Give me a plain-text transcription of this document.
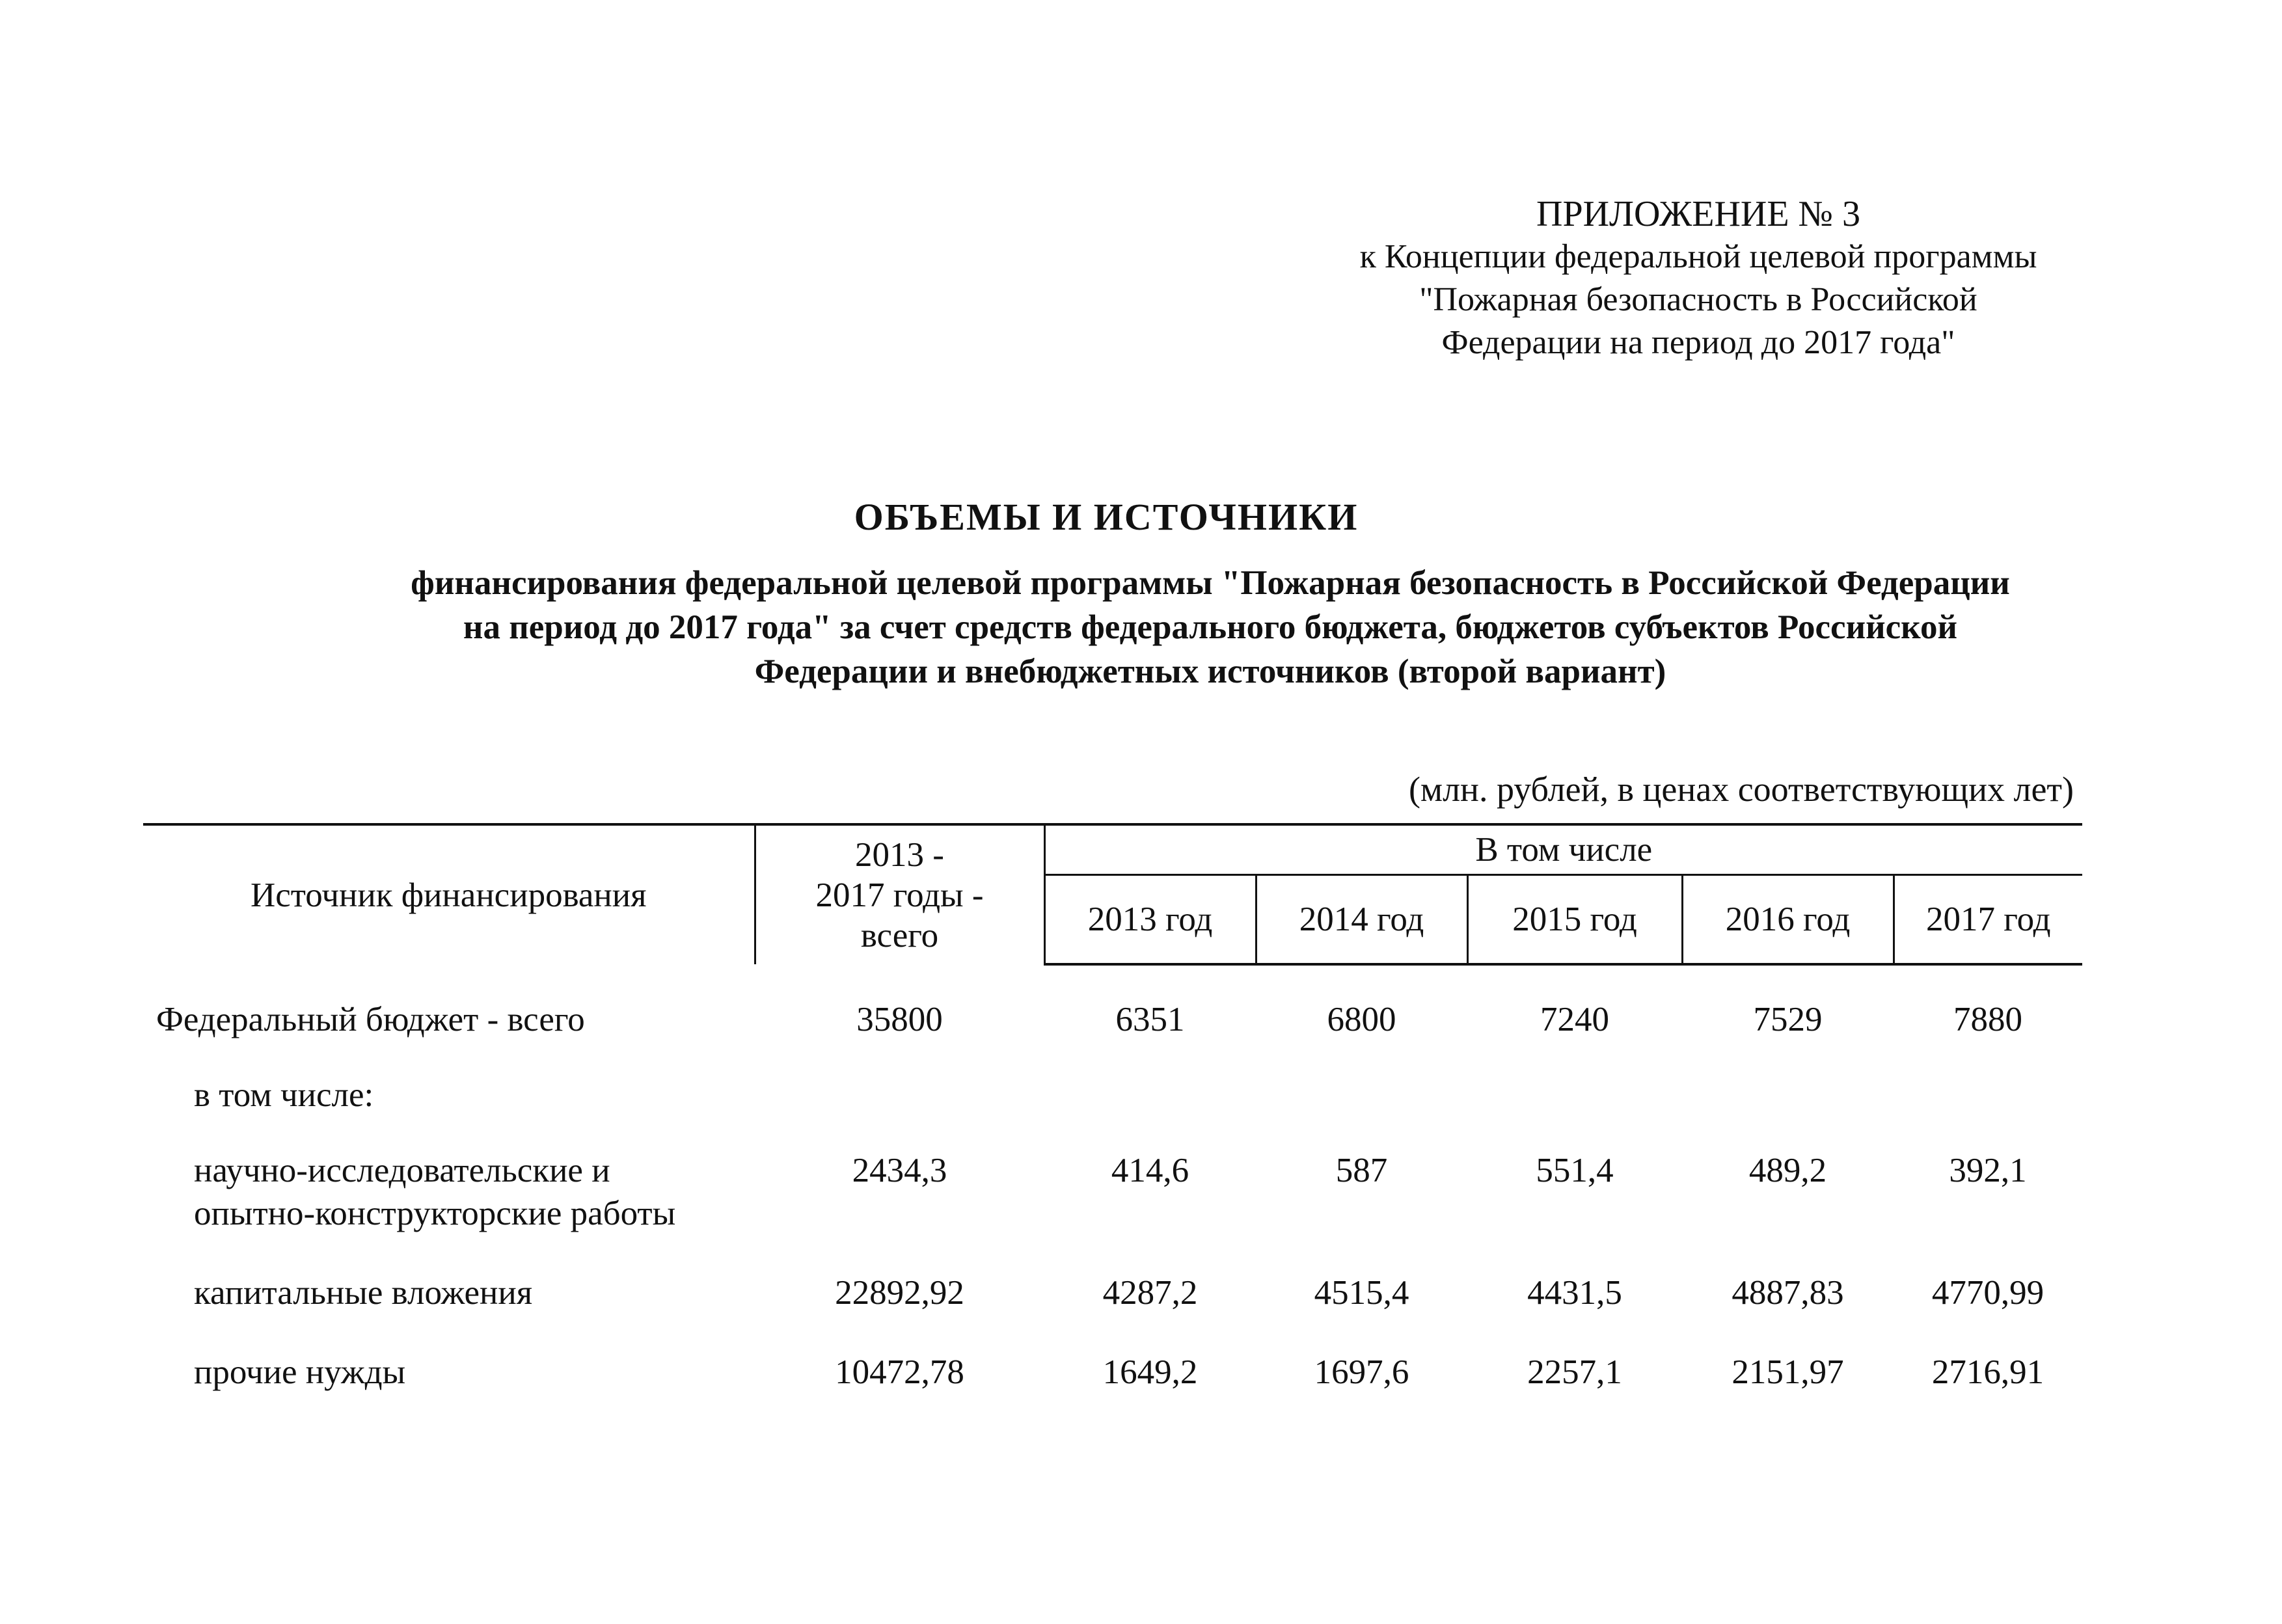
ПРИЛОЖЕНИЕ № 3
к Концепции федеральной целевой программы
"Пожарная безопасность в Российской
Федерации на период до 2017 года"
ОБЪЕМЫ И ИСТОЧНИКИ
финансирования федеральной целевой программы "Пожарная безопасность в Российской Федерации
на период до 2017 года" за счет средств федерального бюджета, бюджетов субъектов Российской
Федерации и внебюджетных источников (второй вариант)
(млн. рублей, в ценах соответствующих лет)
Источник финансирования	2013 -
2017 годы -
всего	В том числе				
		2013 год	2014 год	2015 год	2016 год	2017 год

Федеральный бюджет - всего	35800	6351	6800	7240	7529	7880
в том числе:						

научно-исследовательские и
опытно-конструкторские работы	2434,3	414,6	587	551,4	489,2	392,1
капитальные вложения	22892,92	4287,2	4515,4	4431,5	4887,83	4770,99
прочие нужды	10472,78	1649,2	1697,6	2257,1	2151,97	2716,91
